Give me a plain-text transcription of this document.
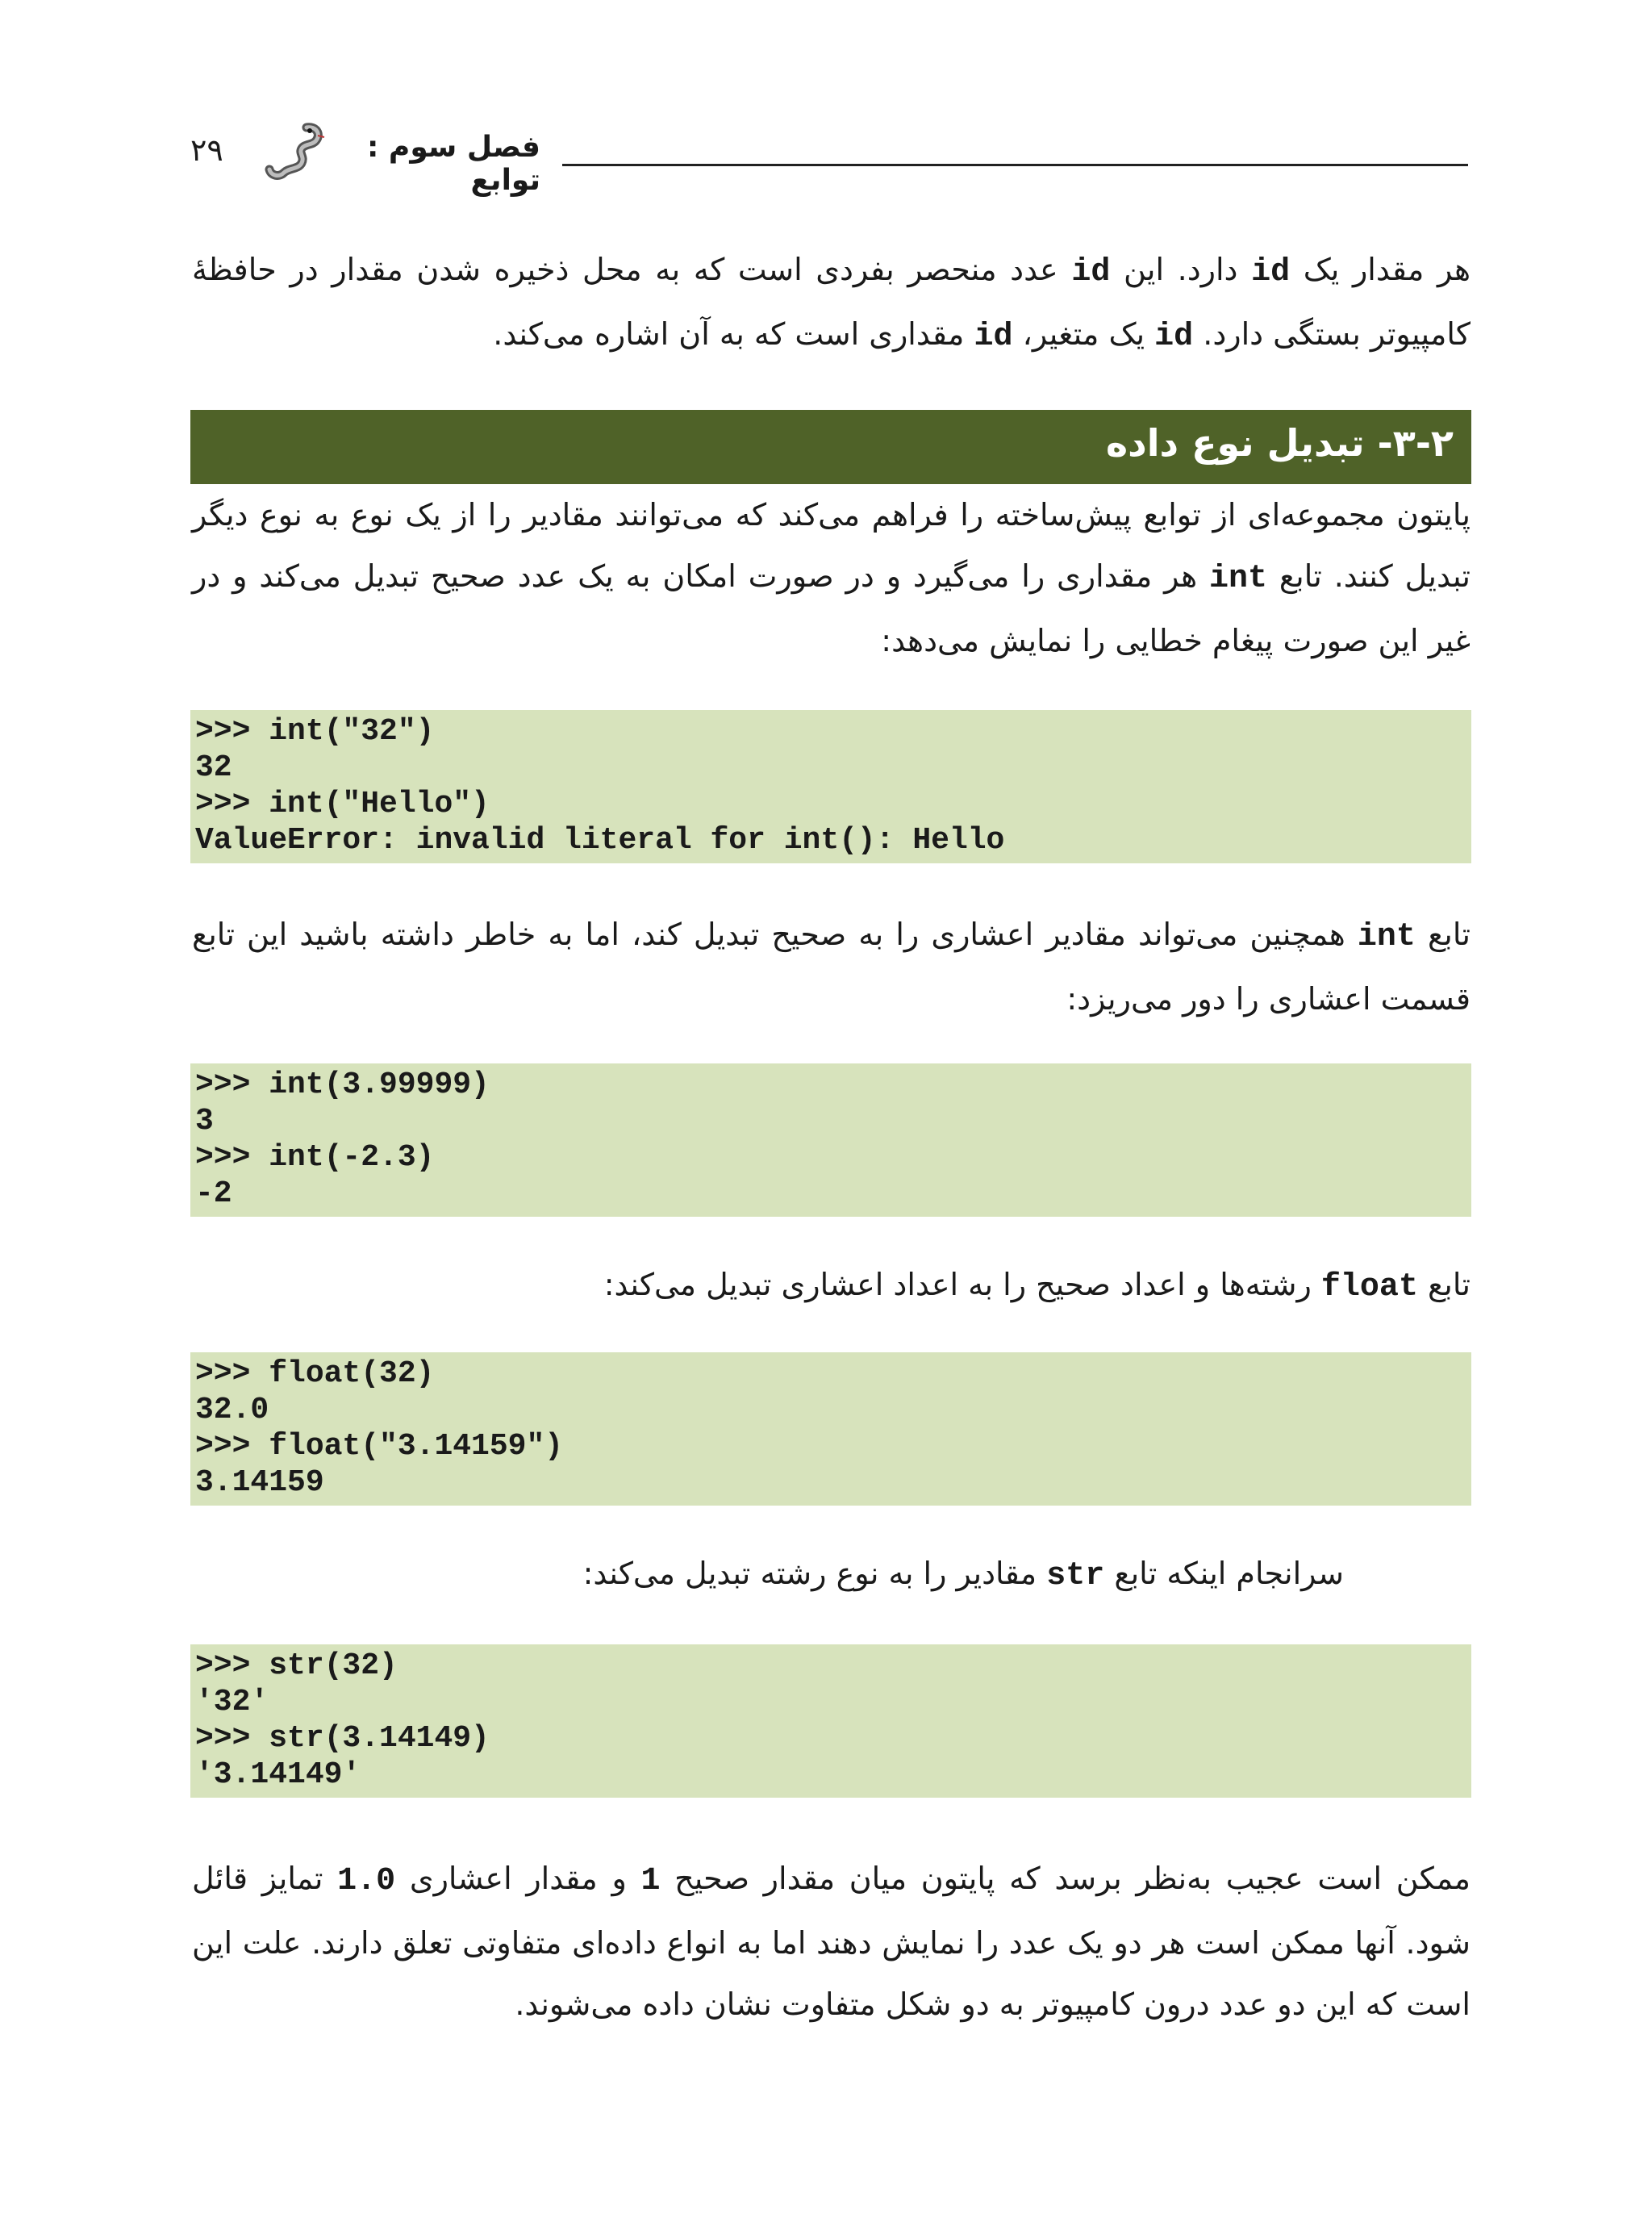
فصل سوم : توابع
۲۹
هر مقدار یک id دارد. این id عدد منحصر بفردی است که به محل ذخیره شدن مقدار در حافظهٔ کامپیوتر بستگی دارد. id یک متغیر، id مقداری است که به آن اشاره می‌کند.
۳-۲- تبدیل نوع داده
پایتون مجموعه‌ای از توابع پیش‌ساخته را فراهم می‌کند که می‌توانند مقادیر را از یک نوع به نوع دیگر تبدیل کنند. تابع int هر مقداری را می‌گیرد و در صورت امکان به یک عدد صحیح تبدیل می‌کند و در غیر این صورت پیغام خطایی را نمایش می‌دهد:
>>> int("32")
32
>>> int("Hello")
ValueError: invalid literal for int(): Hello
تابع int همچنین می‌تواند مقادیر اعشاری را به صحیح تبدیل کند، اما به خاطر داشته باشید این تابع قسمت اعشاری را دور می‌ریزد:
>>> int(3.99999)
3
>>> int(-2.3)
-2
تابع float رشته‌ها و اعداد صحیح را به اعداد اعشاری تبدیل می‌کند:
>>> float(32)
32.0
>>> float("3.14159")
3.14159
سرانجام اینکه تابع str مقادیر را به نوع رشته تبدیل می‌کند:
>>> str(32)
'32'
>>> str(3.14149)
'3.14149'
ممکن است عجیب به‌نظر برسد که پایتون میان مقدار صحیح 1 و مقدار اعشاری 1.0 تمایز قائل شود. آنها ممکن است هر دو یک عدد را نمایش دهند اما به انواع داده‌ای متفاوتی تعلق دارند. علت این است که این دو عدد درون کامپیوتر به دو شکل متفاوت نشان داده می‌شوند.
